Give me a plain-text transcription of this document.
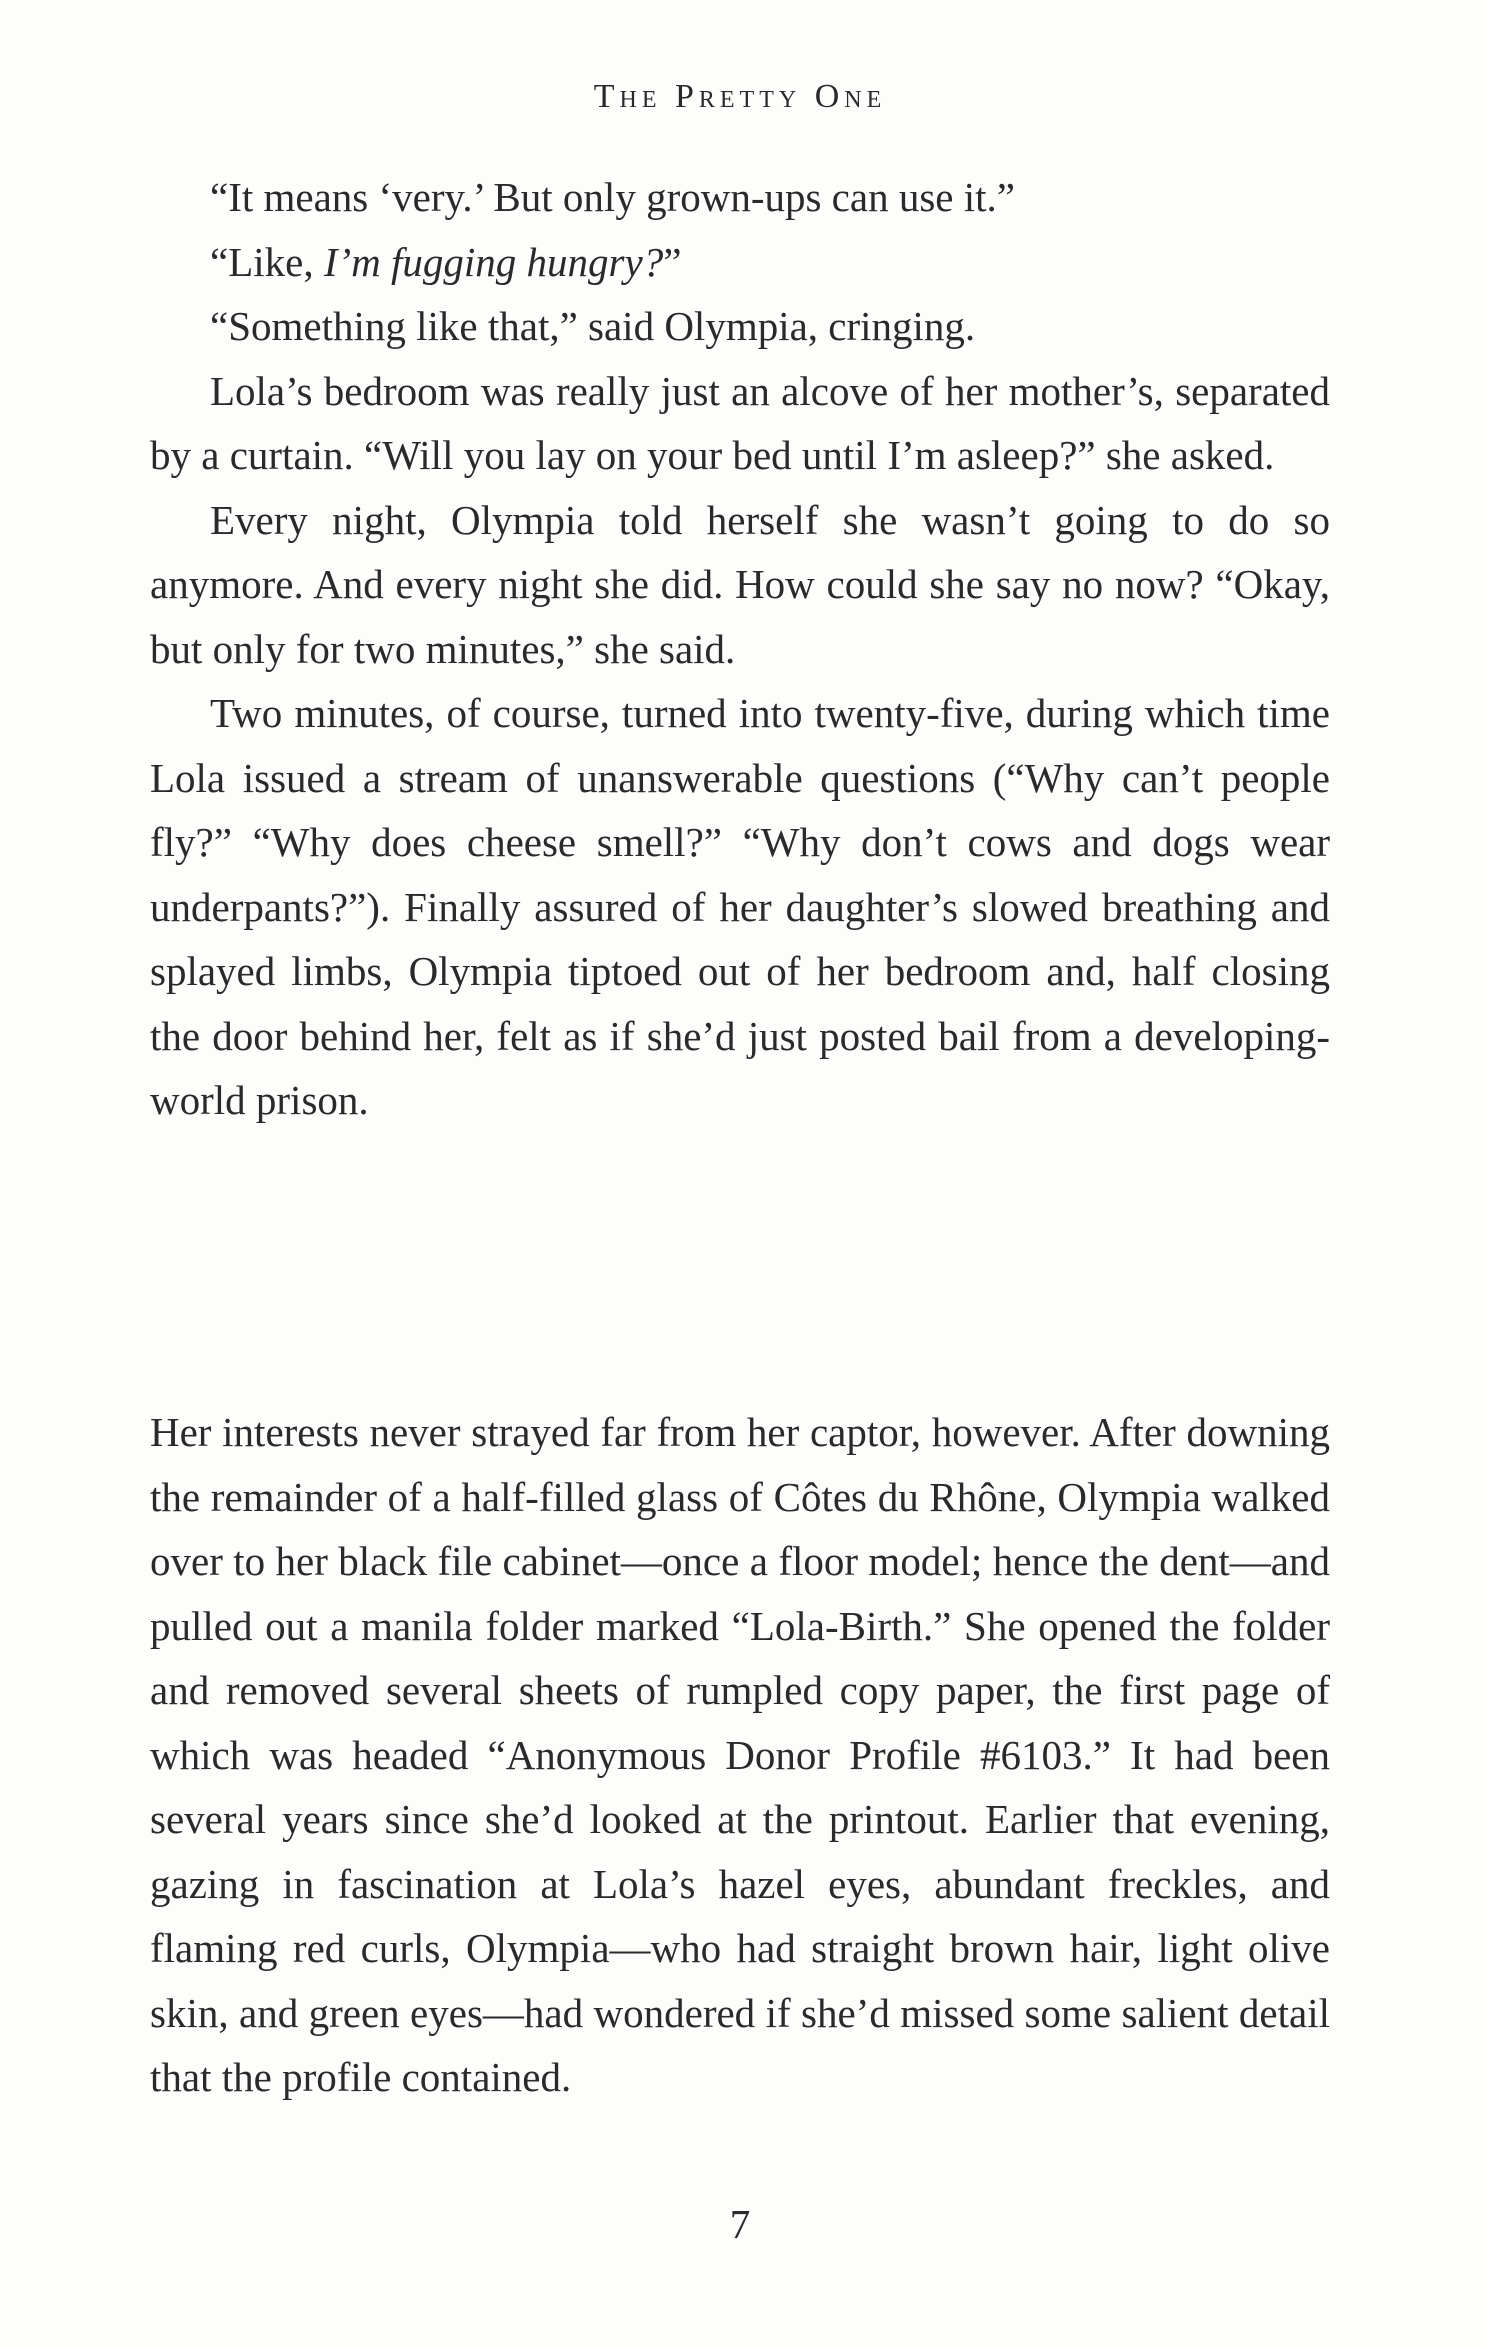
The Pretty One

“It means ‘very.’ But only grown-ups can use it.”

“Like, I’m fugging hungry?”

“Something like that,” said Olympia, cringing.

Lola’s bedroom was really just an alcove of her mother’s, separated by a curtain. “Will you lay on your bed until I’m asleep?” she asked.

Every night, Olympia told herself she wasn’t going to do so anymore. And every night she did. How could she say no now? “Okay, but only for two minutes,” she said.

Two minutes, of course, turned into twenty-five, during which time Lola issued a stream of unanswerable questions (“Why can’t people fly?” “Why does cheese smell?” “Why don’t cows and dogs wear underpants?”). Finally assured of her daughter’s slowed breathing and splayed limbs, Olympia tiptoed out of her bedroom and, half closing the door behind her, felt as if she’d just posted bail from a developing-world prison.

Her interests never strayed far from her captor, however. After downing the remainder of a half-filled glass of Côtes du Rhône, Olympia walked over to her black file cabinet—once a floor model; hence the dent—and pulled out a manila folder marked “Lola-Birth.” She opened the folder and removed several sheets of rumpled copy paper, the first page of which was headed “Anonymous Donor Profile #6103.” It had been several years since she’d looked at the printout. Earlier that evening, gazing in fascination at Lola’s hazel eyes, abundant freckles, and flaming red curls, Olympia—who had straight brown hair, light olive skin, and green eyes—had wondered if she’d missed some salient detail that the profile contained.

7
